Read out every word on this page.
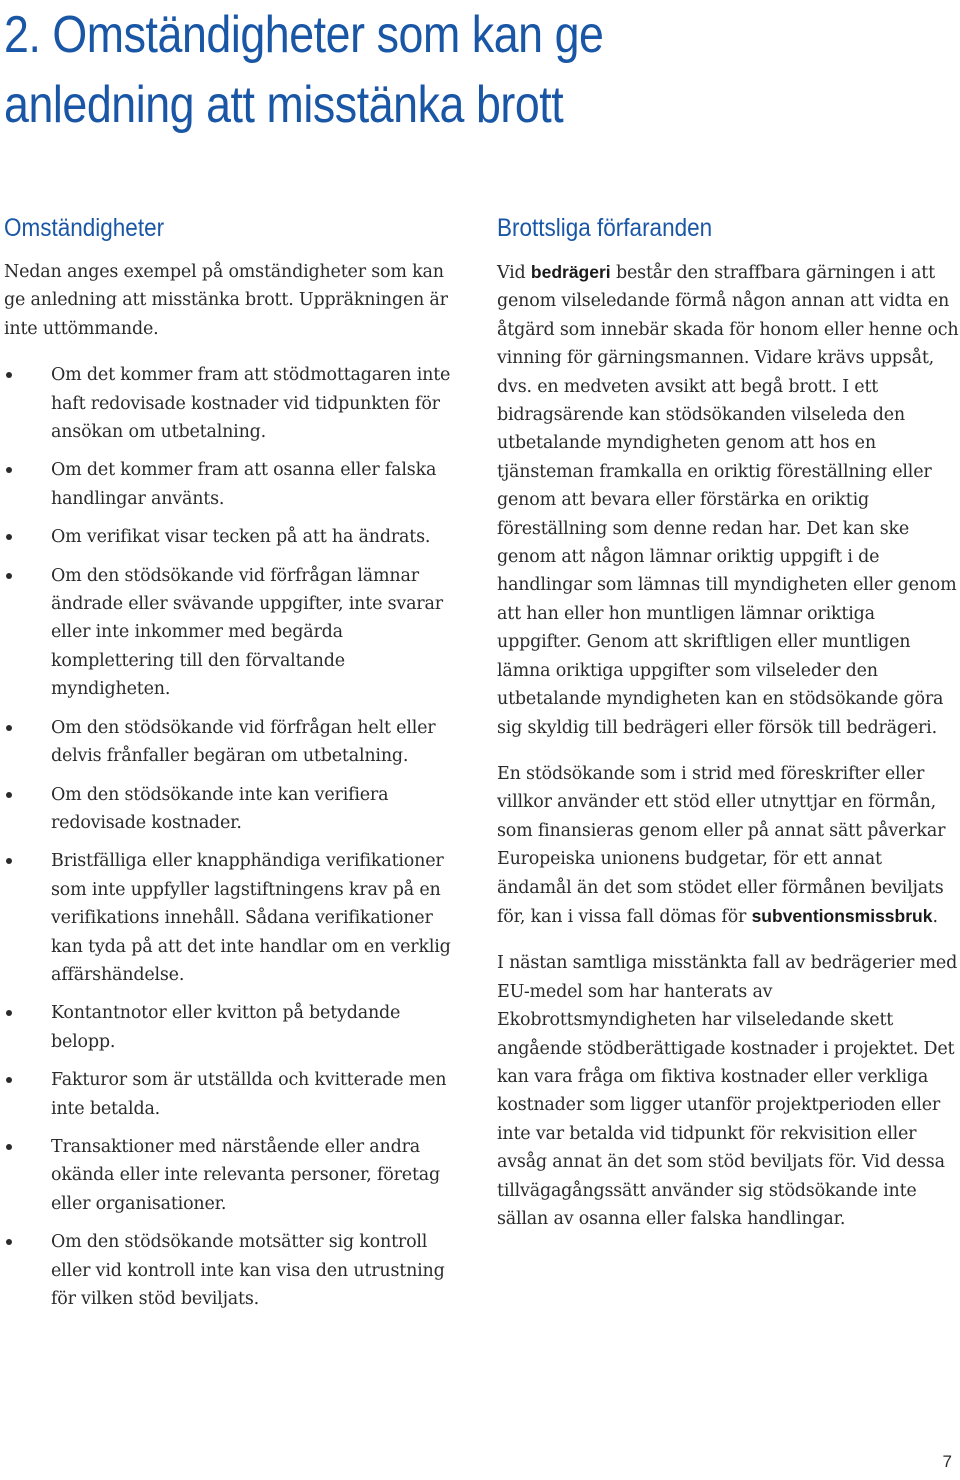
2. Omständigheter som kan ge
anledning att misstänka brott
Omständigheter

Nedan anges exempel på omständigheter som kan ge anledning att misstänka brott. Uppräkningen är inte uttömmande.

Om det kommer fram att stödmottagaren inte haft redovisade kostnader vid tidpunkten för ansökan om utbetalning.
Om det kommer fram att osanna eller falska handlingar använts.
Om verifikat visar tecken på att ha ändrats.
Om den stödsökande vid förfrågan lämnar ändrade eller svävande uppgifter, inte svarar eller inte inkommer med begärda komplettering till den förvaltande myndigheten.
Om den stödsökande vid förfrågan helt eller delvis frånfaller begäran om utbetalning.
Om den stödsökande inte kan verifiera redovisade kostnader.
Bristfälliga eller knapphändiga verifikationer som inte uppfyller lagstiftningens krav på en verifikations innehåll. Sådana verifikationer kan tyda på att det inte handlar om en verklig affärshändelse.
Kontantnotor eller kvitton på betydande belopp.
Fakturor som är utställda och kvitterade men inte betalda.
Transaktioner med närstående eller andra okända eller inte relevanta personer, företag eller organisationer.
Om den stödsökande motsätter sig kontroll eller vid kontroll inte kan visa den utrustning för vilken stöd beviljats.
Brottsliga förfaranden

Vid bedrägeri består den straffbara gärningen i att genom vilseledande förmå någon annan att vidta en åtgärd som innebär skada för honom eller henne och vinning för gärningsmannen. Vidare krävs uppsåt, dvs. en medveten avsikt att begå brott. I ett bidragsärende kan stödsökanden vilseleda den utbetalande myndigheten genom att hos en tjänsteman framkalla en oriktig föreställning eller genom att bevara eller förstärka en oriktig föreställning som denne redan har. Det kan ske genom att någon lämnar oriktig uppgift i de handlingar som lämnas till myndigheten eller genom att han eller hon muntligen lämnar oriktiga uppgifter. Genom att skriftligen eller muntligen lämna oriktiga uppgifter som vilseleder den utbetalande myndigheten kan en stödsökande göra sig skyldig till bedrägeri eller försök till bedrägeri.

En stödsökande som i strid med föreskrifter eller villkor använder ett stöd eller utnyttjar en förmån, som finansieras genom eller på annat sätt påverkar Europeiska unionens budgetar, för ett annat ändamål än det som stödet eller förmånen beviljats för, kan i vissa fall dömas för subventionsmissbruk.

I nästan samtliga misstänkta fall av bedrägerier med EU-medel som har hanterats av Ekobrottsmyndigheten har vilseledande skett angående stödberättigade kostnader i projektet. Det kan vara fråga om fiktiva kostnader eller verkliga kostnader som ligger utanför projektperioden eller inte var betalda vid tidpunkt för rekvisition eller avsåg annat än det som stöd beviljats för. Vid dessa tillvägagångssätt använder sig stödsökande inte sällan av osanna eller falska handlingar.

7
